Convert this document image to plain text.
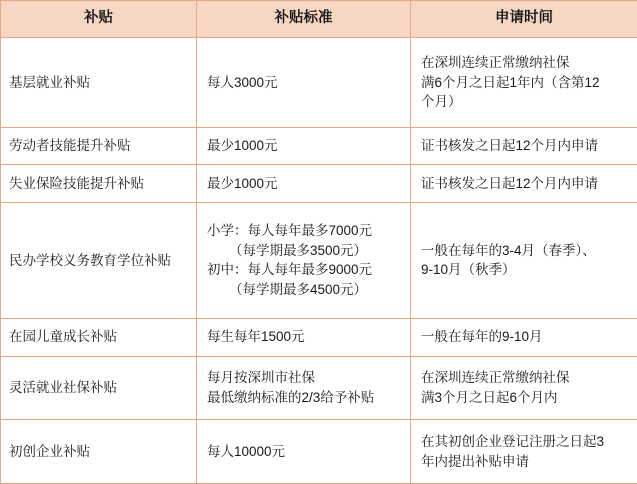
补贴	补贴标准	申请时间
基层就业补贴	每人3000元	在深圳连续正常缴纳社保
满6个月之日起1年内（含第12
个月）

劳动者技能提升补贴	最少1000元	证书核发之日起12个月内申请

失业保险技能提升补贴	最少1000元	证书核发之日起12个月内申请

民办学校义务教育学位补贴	小学：每人每年最多7000元
（每学期最多3500元）
初中：每人每年最多9000元
（每学期最多4500元）	一般在每年的3-4月（春季）、
9-10月（秋季）

在园儿童成长补贴	每生每年1500元	一般在每年的9-10月

灵活就业社保补贴	每月按深圳市社保
最低缴纳标准的2/3给予补贴	在深圳连续正常缴纳社保
满3个月之日起6个月内

初创企业补贴	每人10000元	在其初创企业登记注册之日起3
年内提出补贴申请
